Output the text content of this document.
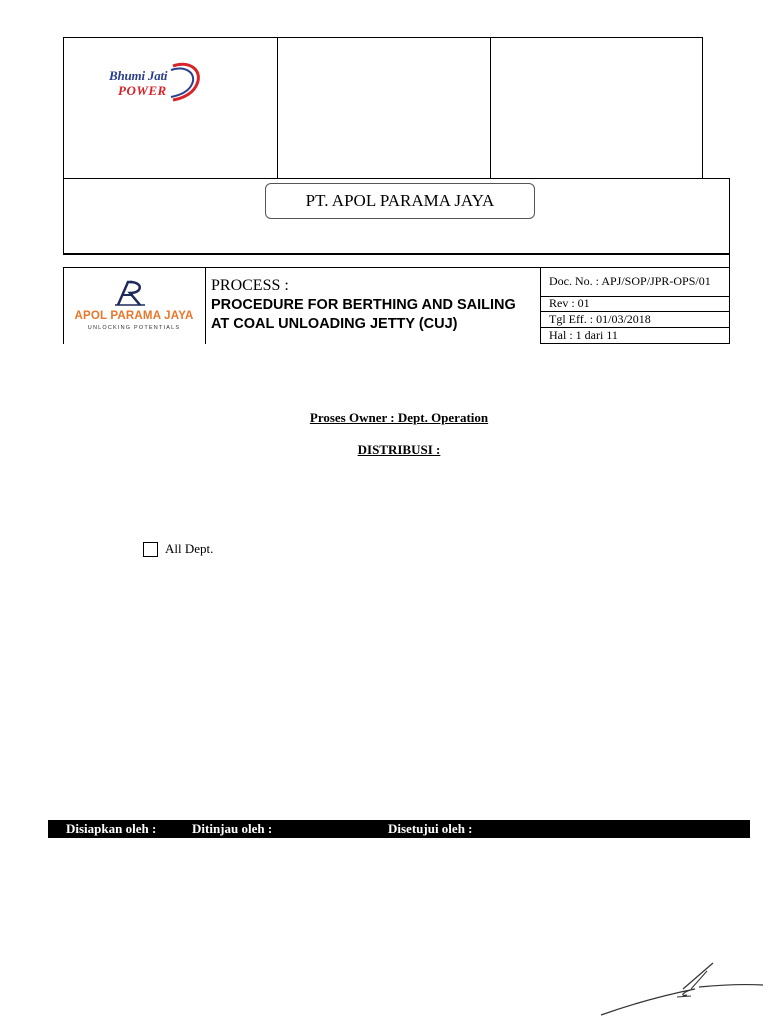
Bhumi Jati
POWER
PT. APOL PARAMA JAYA
APOL PARAMA JAYA
UNLOCKING POTENTIALS
PROCESS :
PROCEDURE FOR BERTHING AND SAILING
AT COAL UNLOADING JETTY (CUJ)
Doc. No. : APJ/SOP/JPR-OPS/01
Rev : 01
Tgl Eff. : 01/03/2018
Hal : 1 dari 11
Proses Owner : Dept. Operation
DISTRIBUSI :
All Dept.
Disiapkan oleh :	Ditinjau oleh :	Disetujui oleh :
